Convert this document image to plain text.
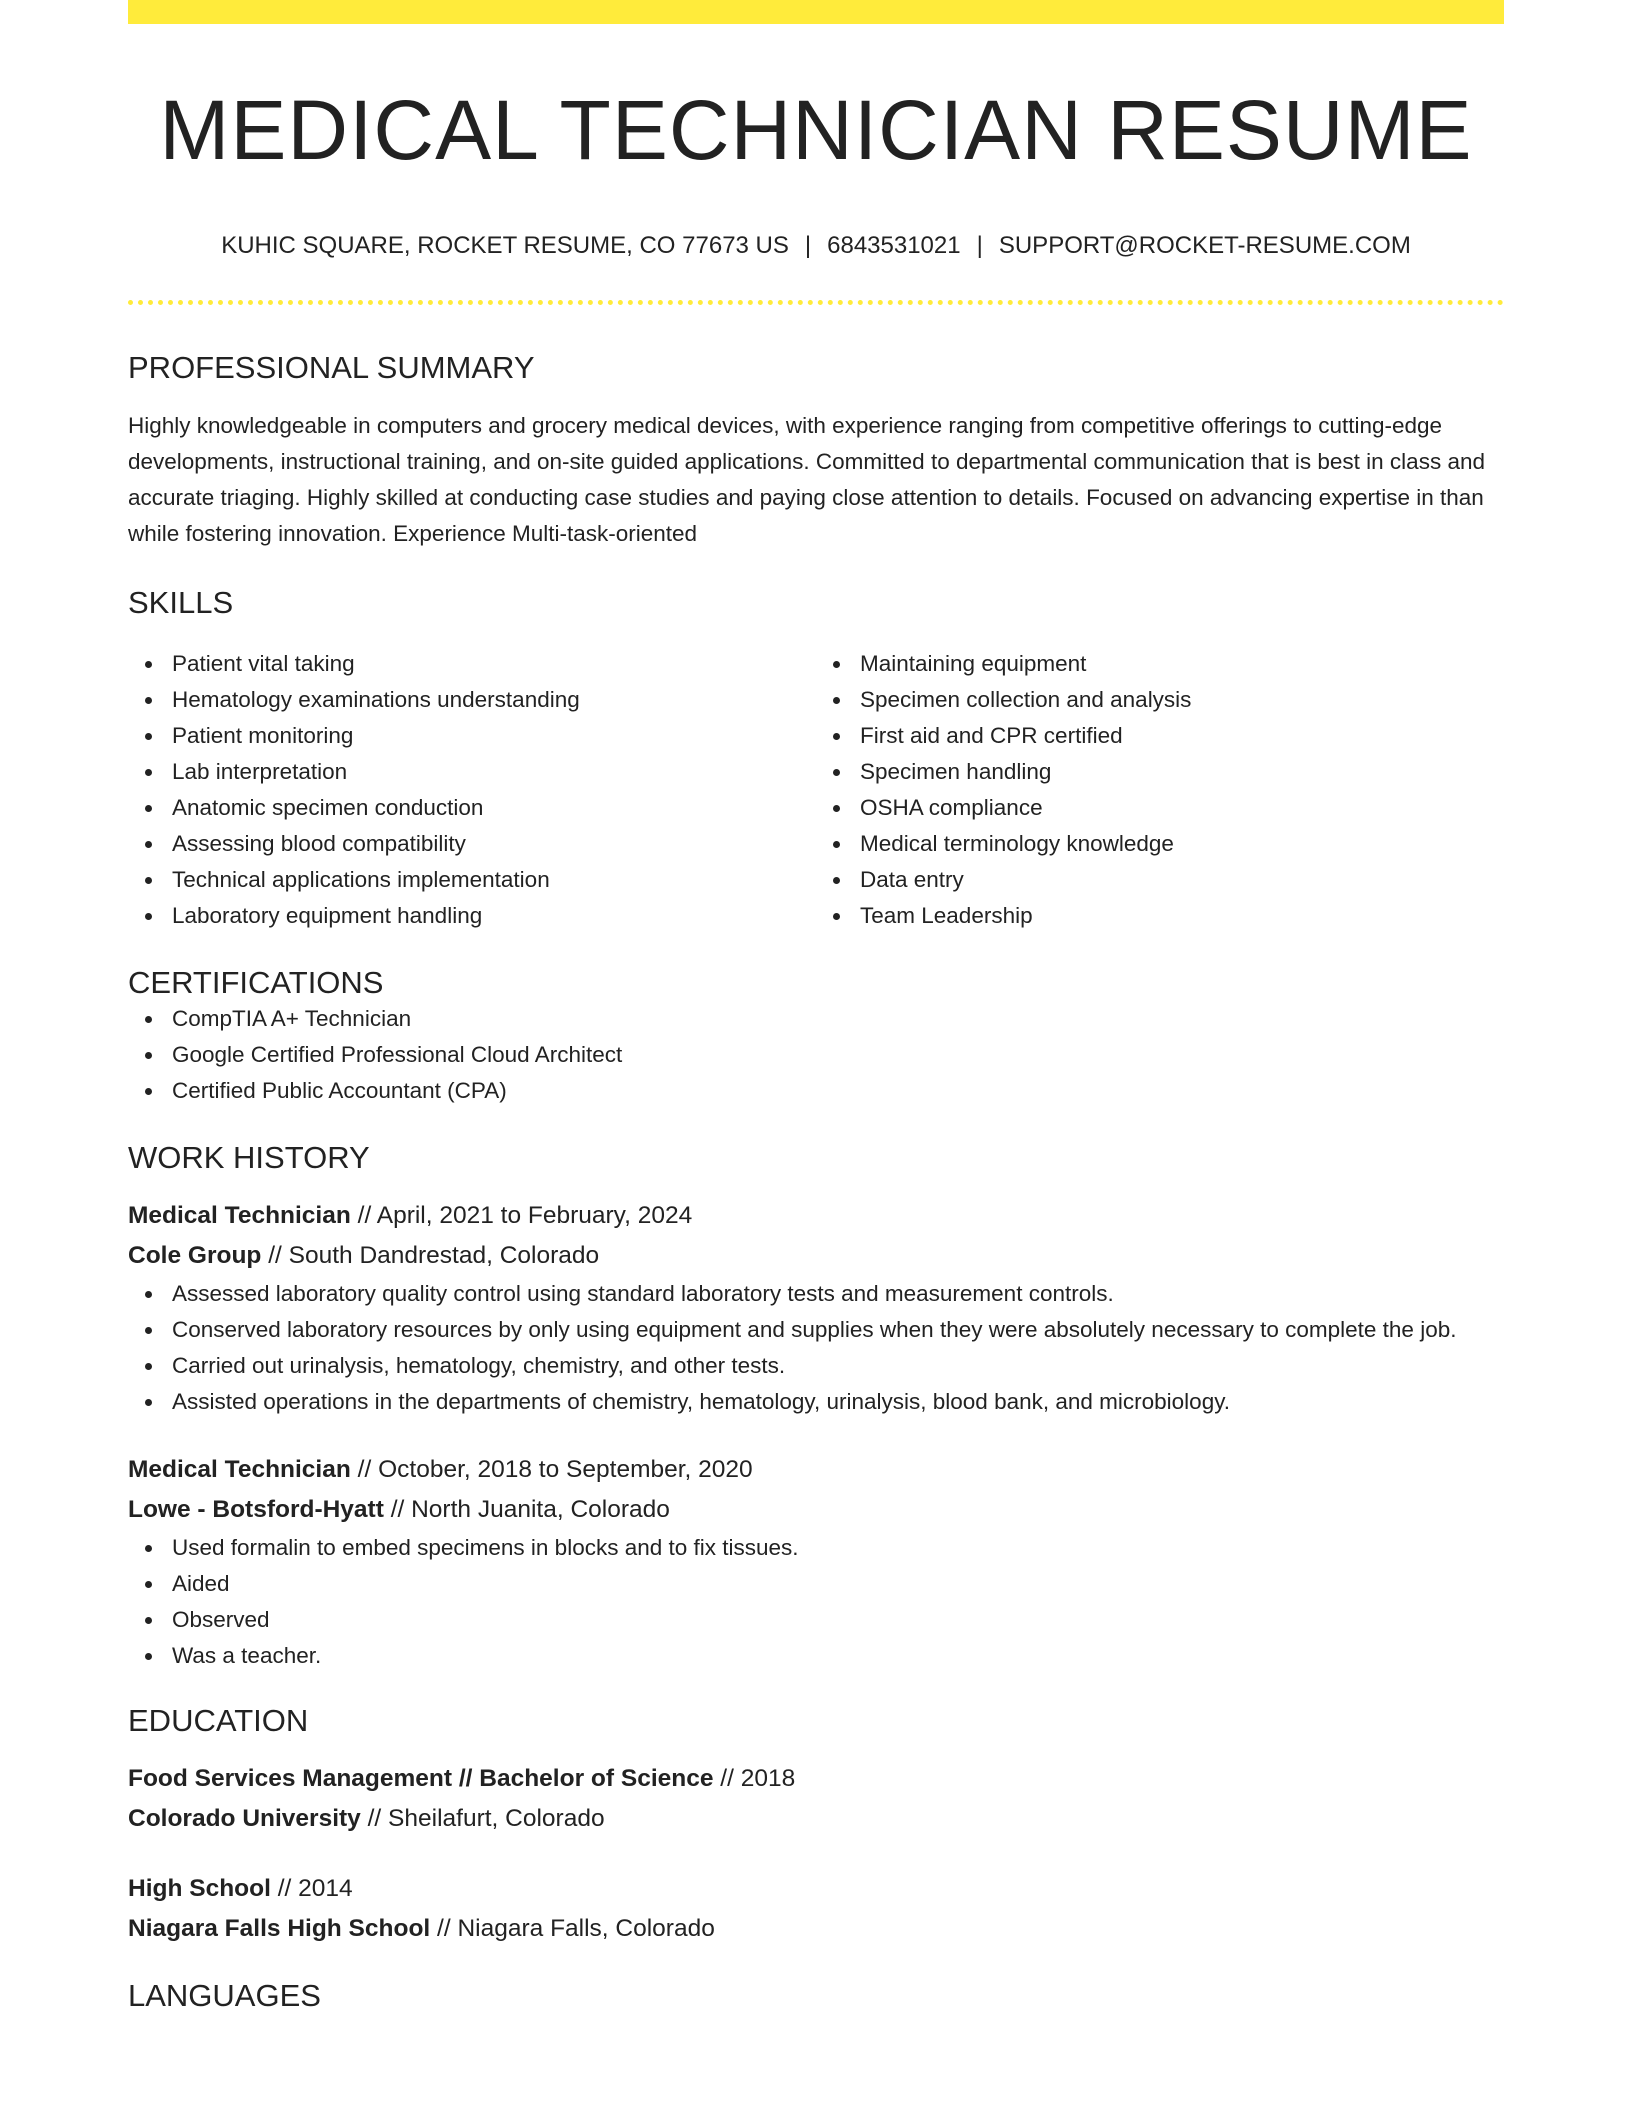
MEDICAL TECHNICIAN RESUME
KUHIC SQUARE, ROCKET RESUME, CO 77673 US | 6843531021 | SUPPORT@ROCKET-RESUME.COM
PROFESSIONAL SUMMARY
Highly knowledgeable in computers and grocery medical devices, with experience ranging from competitive offerings to cutting-edge developments, instructional training, and on-site guided applications. Committed to departmental communication that is best in class and accurate triaging. Highly skilled at conducting case studies and paying close attention to details. Focused on advancing expertise in than while fostering innovation. Experience Multi-task-oriented
SKILLS
Patient vital taking
Hematology examinations understanding
Patient monitoring
Lab interpretation
Anatomic specimen conduction
Assessing blood compatibility
Technical applications implementation
Laboratory equipment handling
Maintaining equipment
Specimen collection and analysis
First aid and CPR certified
Specimen handling
OSHA compliance
Medical terminology knowledge
Data entry
Team Leadership
CERTIFICATIONS
CompTIA A+ Technician
Google Certified Professional Cloud Architect
Certified Public Accountant (CPA)
WORK HISTORY
Medical Technician // April, 2021 to February, 2024
Cole Group // South Dandrestad, Colorado
Assessed laboratory quality control using standard laboratory tests and measurement controls.
Conserved laboratory resources by only using equipment and supplies when they were absolutely necessary to complete the job.
Carried out urinalysis, hematology, chemistry, and other tests.
Assisted operations in the departments of chemistry, hematology, urinalysis, blood bank, and microbiology.
Medical Technician // October, 2018 to September, 2020
Lowe - Botsford-Hyatt // North Juanita, Colorado
Used formalin to embed specimens in blocks and to fix tissues.
Aided
Observed
Was a teacher.
EDUCATION
Food Services Management // Bachelor of Science // 2018
Colorado University // Sheilafurt, Colorado
High School // 2014
Niagara Falls High School // Niagara Falls, Colorado
LANGUAGES
